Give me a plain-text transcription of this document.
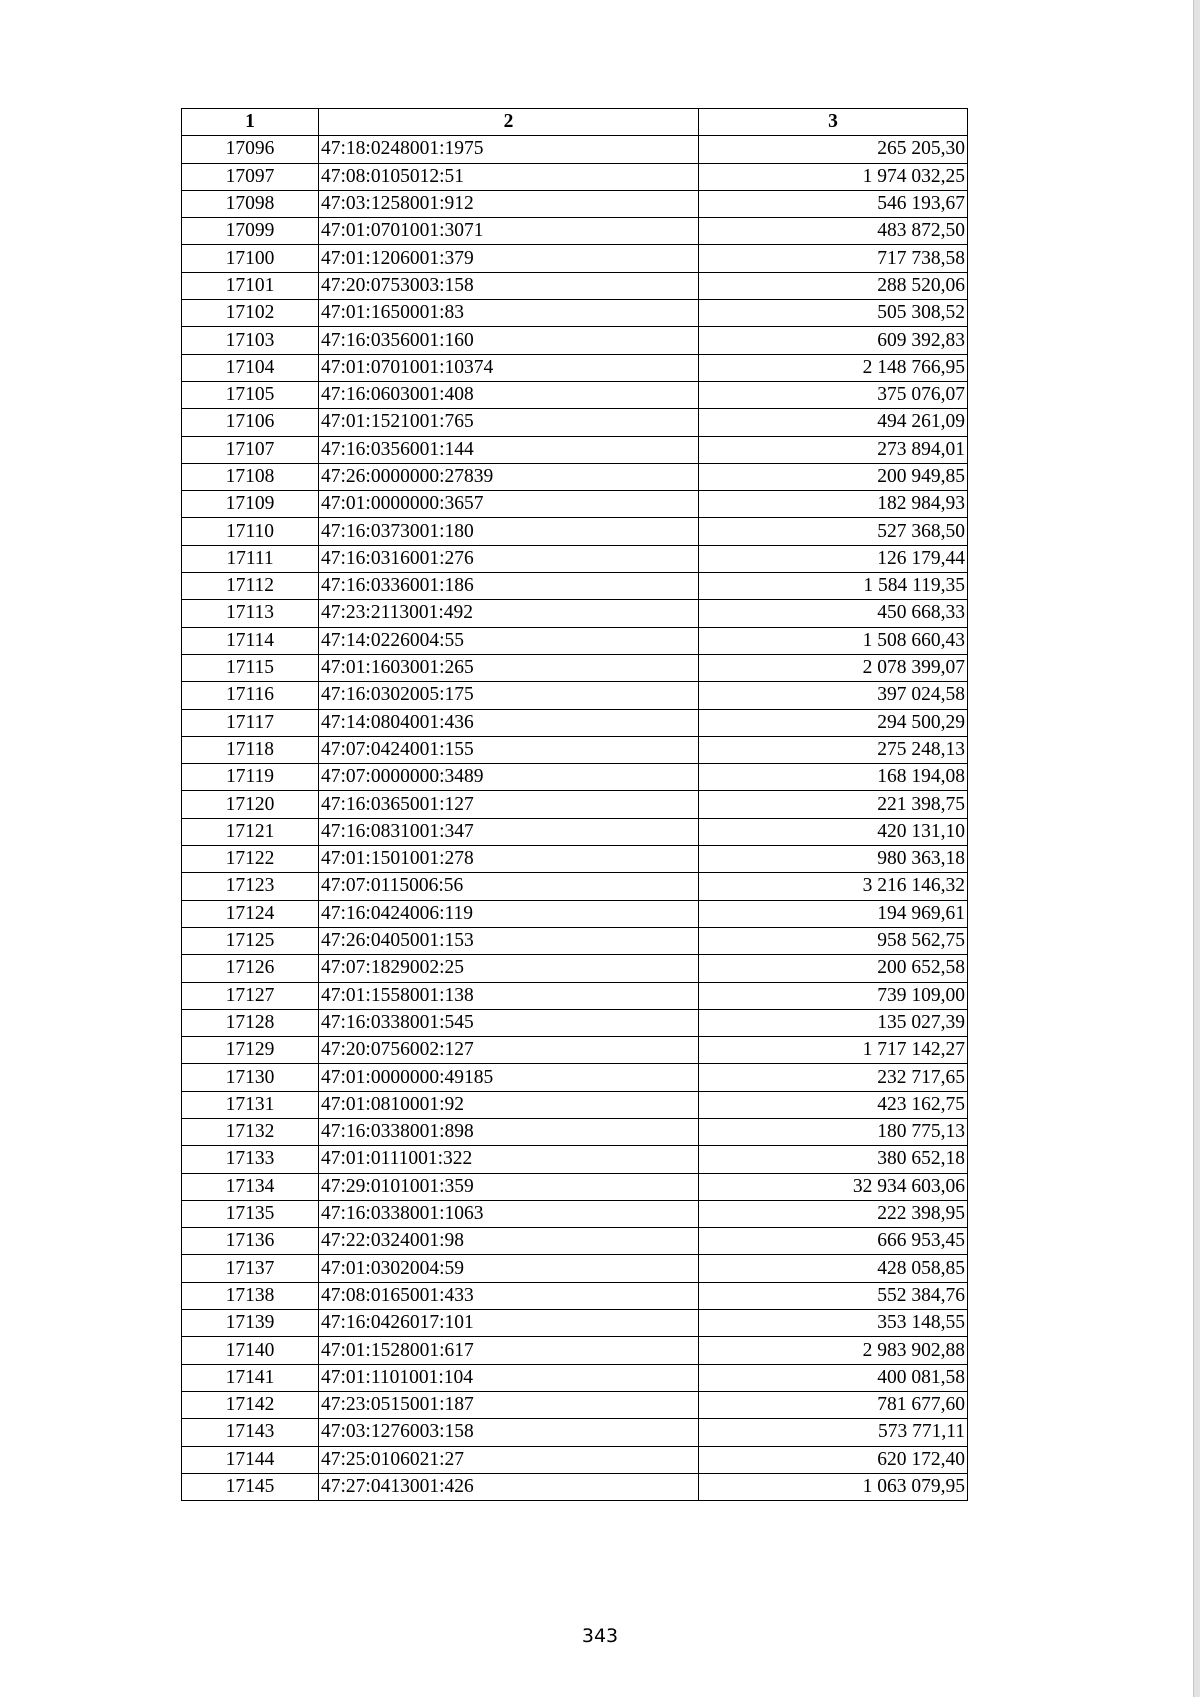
1	2	3
17096	47:18:0248001:1975	265 205,30
17097	47:08:0105012:51	1 974 032,25
17098	47:03:1258001:912	546 193,67
17099	47:01:0701001:3071	483 872,50
17100	47:01:1206001:379	717 738,58
17101	47:20:0753003:158	288 520,06
17102	47:01:1650001:83	505 308,52
17103	47:16:0356001:160	609 392,83
17104	47:01:0701001:10374	2 148 766,95
17105	47:16:0603001:408	375 076,07
17106	47:01:1521001:765	494 261,09
17107	47:16:0356001:144	273 894,01
17108	47:26:0000000:27839	200 949,85
17109	47:01:0000000:3657	182 984,93
17110	47:16:0373001:180	527 368,50
17111	47:16:0316001:276	126 179,44
17112	47:16:0336001:186	1 584 119,35
17113	47:23:2113001:492	450 668,33
17114	47:14:0226004:55	1 508 660,43
17115	47:01:1603001:265	2 078 399,07
17116	47:16:0302005:175	397 024,58
17117	47:14:0804001:436	294 500,29
17118	47:07:0424001:155	275 248,13
17119	47:07:0000000:3489	168 194,08
17120	47:16:0365001:127	221 398,75
17121	47:16:0831001:347	420 131,10
17122	47:01:1501001:278	980 363,18
17123	47:07:0115006:56	3 216 146,32
17124	47:16:0424006:119	194 969,61
17125	47:26:0405001:153	958 562,75
17126	47:07:1829002:25	200 652,58
17127	47:01:1558001:138	739 109,00
17128	47:16:0338001:545	135 027,39
17129	47:20:0756002:127	1 717 142,27
17130	47:01:0000000:49185	232 717,65
17131	47:01:0810001:92	423 162,75
17132	47:16:0338001:898	180 775,13
17133	47:01:0111001:322	380 652,18
17134	47:29:0101001:359	32 934 603,06
17135	47:16:0338001:1063	222 398,95
17136	47:22:0324001:98	666 953,45
17137	47:01:0302004:59	428 058,85
17138	47:08:0165001:433	552 384,76
17139	47:16:0426017:101	353 148,55
17140	47:01:1528001:617	2 983 902,88
17141	47:01:1101001:104	400 081,58
17142	47:23:0515001:187	781 677,60
17143	47:03:1276003:158	573 771,11
17144	47:25:0106021:27	620 172,40
17145	47:27:0413001:426	1 063 079,95
343
